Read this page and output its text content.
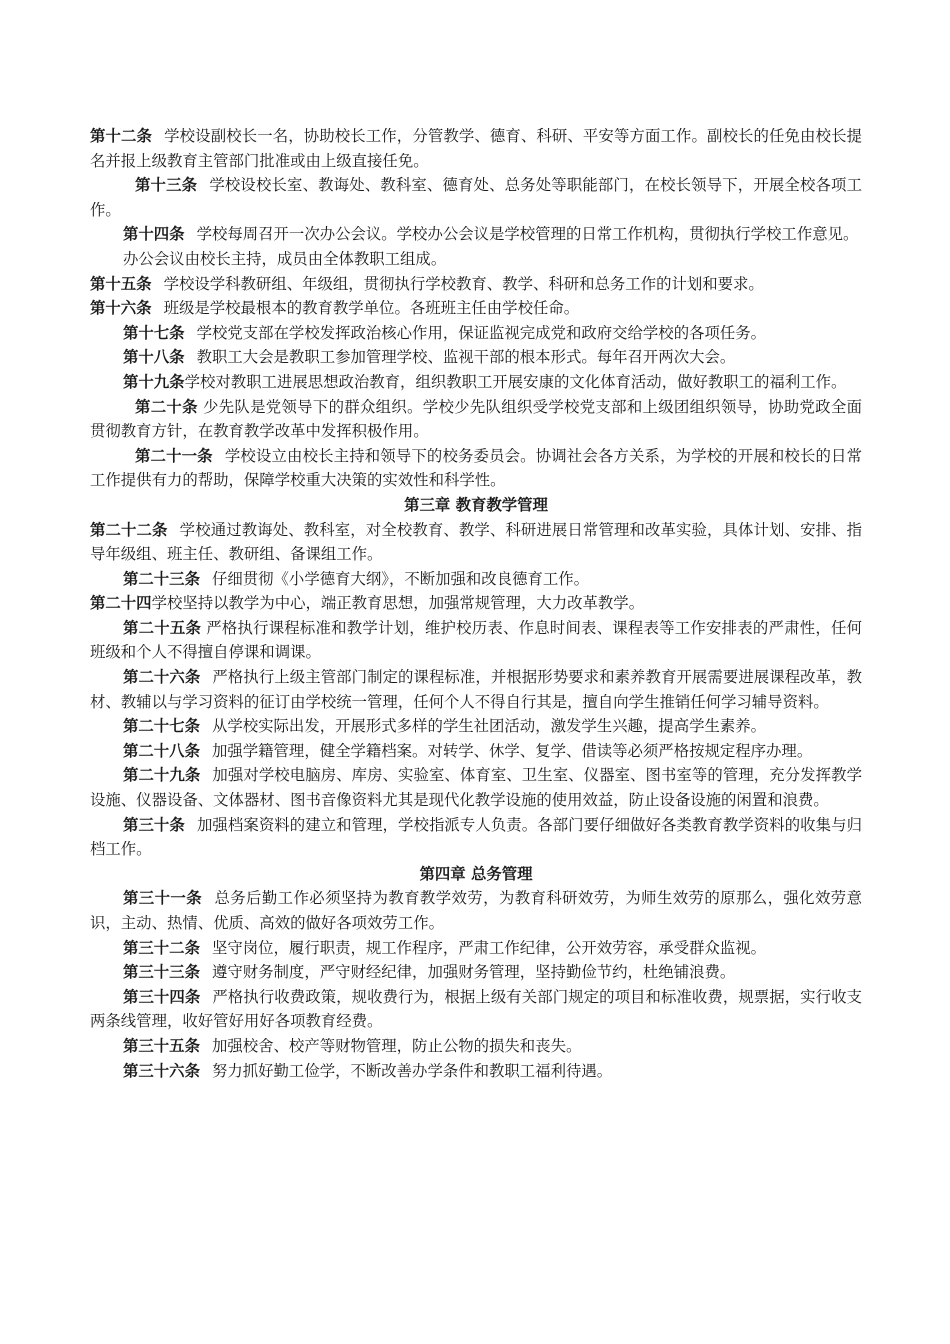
第十二条 学校设副校长一名，协助校长工作，分管教学、德育、科研、平安等方面工作。副校长的任免由校长提名并报上级教育主管部门批准或由上级直接任免。

第十三条 学校设校长室、教诲处、教科室、德育处、总务处等职能部门，在校长领导下，开展全校各项工作。

第十四条 学校每周召开一次办公会议。学校办公会议是学校管理的日常工作机构，贯彻执行学校工作意见。

办公会议由校长主持，成员由全体教职工组成。

第十五条 学校设学科教研组、年级组，贯彻执行学校教育、教学、科研和总务工作的计划和要求。

第十六条 班级是学校最根本的教育教学单位。各班班主任由学校任命。

第十七条 学校党支部在学校发挥政治核心作用，保证监视完成党和政府交给学校的各项任务。

第十八条 教职工大会是教职工参加管理学校、监视干部的根本形式。每年召开两次大会。

第十九条学校对教职工进展思想政治教育，组织教职工开展安康的文化体育活动，做好教职工的福利工作。

第二十条 少先队是党领导下的群众组织。学校少先队组织受学校党支部和上级团组织领导，协助党政全面贯彻教育方针，在教育教学改革中发挥积极作用。

第二十一条 学校设立由校长主持和领导下的校务委员会。协调社会各方关系，为学校的开展和校长的日常工作提供有力的帮助，保障学校重大决策的实效性和科学性。

第三章 教育教学管理

第二十二条 学校通过教诲处、教科室，对全校教育、教学、科研进展日常管理和改革实验，具体计划、安排、指导年级组、班主任、教研组、备课组工作。

第二十三条 仔细贯彻《小学德育大纲》，不断加强和改良德育工作。

第二十四学校坚持以教学为中心，端正教育思想，加强常规管理，大力改革教学。

第二十五条 严格执行课程标准和教学计划，维护校历表、作息时间表、课程表等工作安排表的严肃性，任何班级和个人不得擅自停课和调课。

第二十六条 严格执行上级主管部门制定的课程标准，并根据形势要求和素养教育开展需要进展课程改革，教材、教辅以与学习资料的征订由学校统一管理，任何个人不得自行其是，擅自向学生推销任何学习辅导资料。

第二十七条 从学校实际出发，开展形式多样的学生社团活动，激发学生兴趣，提高学生素养。

第二十八条 加强学籍管理，健全学籍档案。对转学、休学、复学、借读等必须严格按规定程序办理。

第二十九条 加强对学校电脑房、库房、实验室、体育室、卫生室、仪器室、图书室等的管理，充分发挥教学设施、仪器设备、文体器材、图书音像资料尤其是现代化教学设施的使用效益，防止设备设施的闲置和浪费。

第三十条 加强档案资料的建立和管理，学校指派专人负责。各部门要仔细做好各类教育教学资料的收集与归档工作。

第四章 总务管理

第三十一条 总务后勤工作必须坚持为教育教学效劳，为教育科研效劳，为师生效劳的原那么，强化效劳意识，主动、热情、优质、高效的做好各项效劳工作。

第三十二条 坚守岗位，履行职责，规工作程序，严肃工作纪律，公开效劳容，承受群众监视。

第三十三条 遵守财务制度，严守财经纪律，加强财务管理，坚持勤俭节约，杜绝铺浪费。

第三十四条 严格执行收费政策，规收费行为，根据上级有关部门规定的项目和标准收费，规票据，实行收支两条线管理，收好管好用好各项教育经费。

第三十五条 加强校舍、校产等财物管理，防止公物的损失和丧失。

第三十六条 努力抓好勤工俭学，不断改善办学条件和教职工福利待遇。
